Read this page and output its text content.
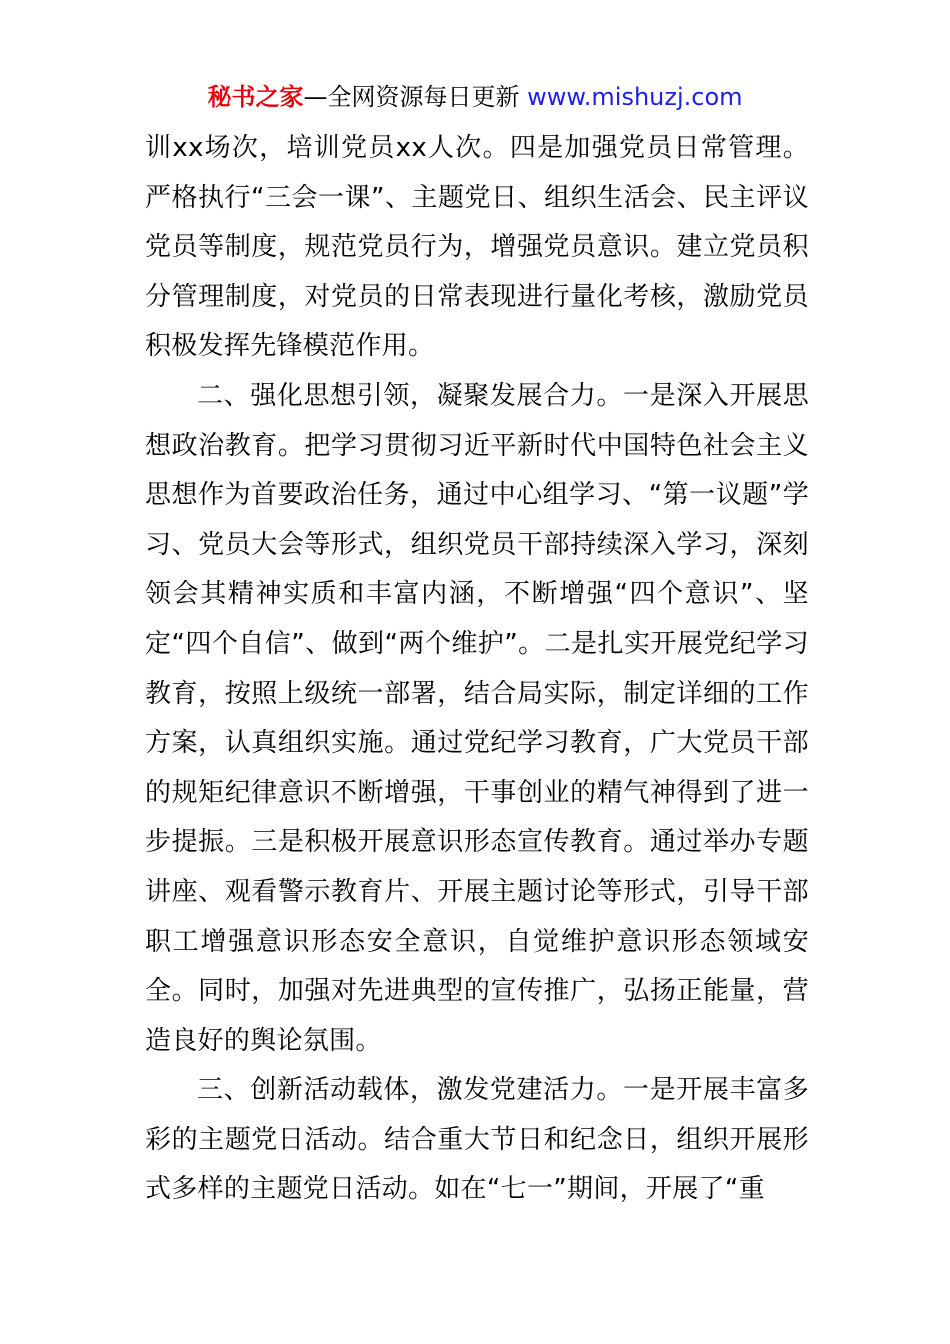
秘书之家—全网资源每日更新 www.mishuzj.com

训xx场次，培训党员xx人次。四是加强党员日常管理。严格执行“三会一课”、主题党日、组织生活会、民主评议党员等制度，规范党员行为，增强党员意识。建立党员积分管理制度，对党员的日常表现进行量化考核，激励党员积极发挥先锋模范作用。

二、强化思想引领，凝聚发展合力。一是深入开展思想政治教育。把学习贯彻习近平新时代中国特色社会主义思想作为首要政治任务，通过中心组学习、“第一议题”学习、党员大会等形式，组织党员干部持续深入学习，深刻领会其精神实质和丰富内涵，不断增强“四个意识”、坚定“四个自信”、做到“两个维护”。二是扎实开展党纪学习教育，按照上级统一部署，结合局实际，制定详细的工作方案，认真组织实施。通过党纪学习教育，广大党员干部的规矩纪律意识不断增强，干事创业的精气神得到了进一步提振。三是积极开展意识形态宣传教育。通过举办专题讲座、观看警示教育片、开展主题讨论等形式，引导干部职工增强意识形态安全意识，自觉维护意识形态领域安全。同时，加强对先进典型的宣传推广，弘扬正能量，营造良好的舆论氛围。

三、创新活动载体，激发党建活力。一是开展丰富多彩的主题党日活动。结合重大节日和纪念日，组织开展形式多样的主题党日活动。如在“七一”期间，开展了“重
